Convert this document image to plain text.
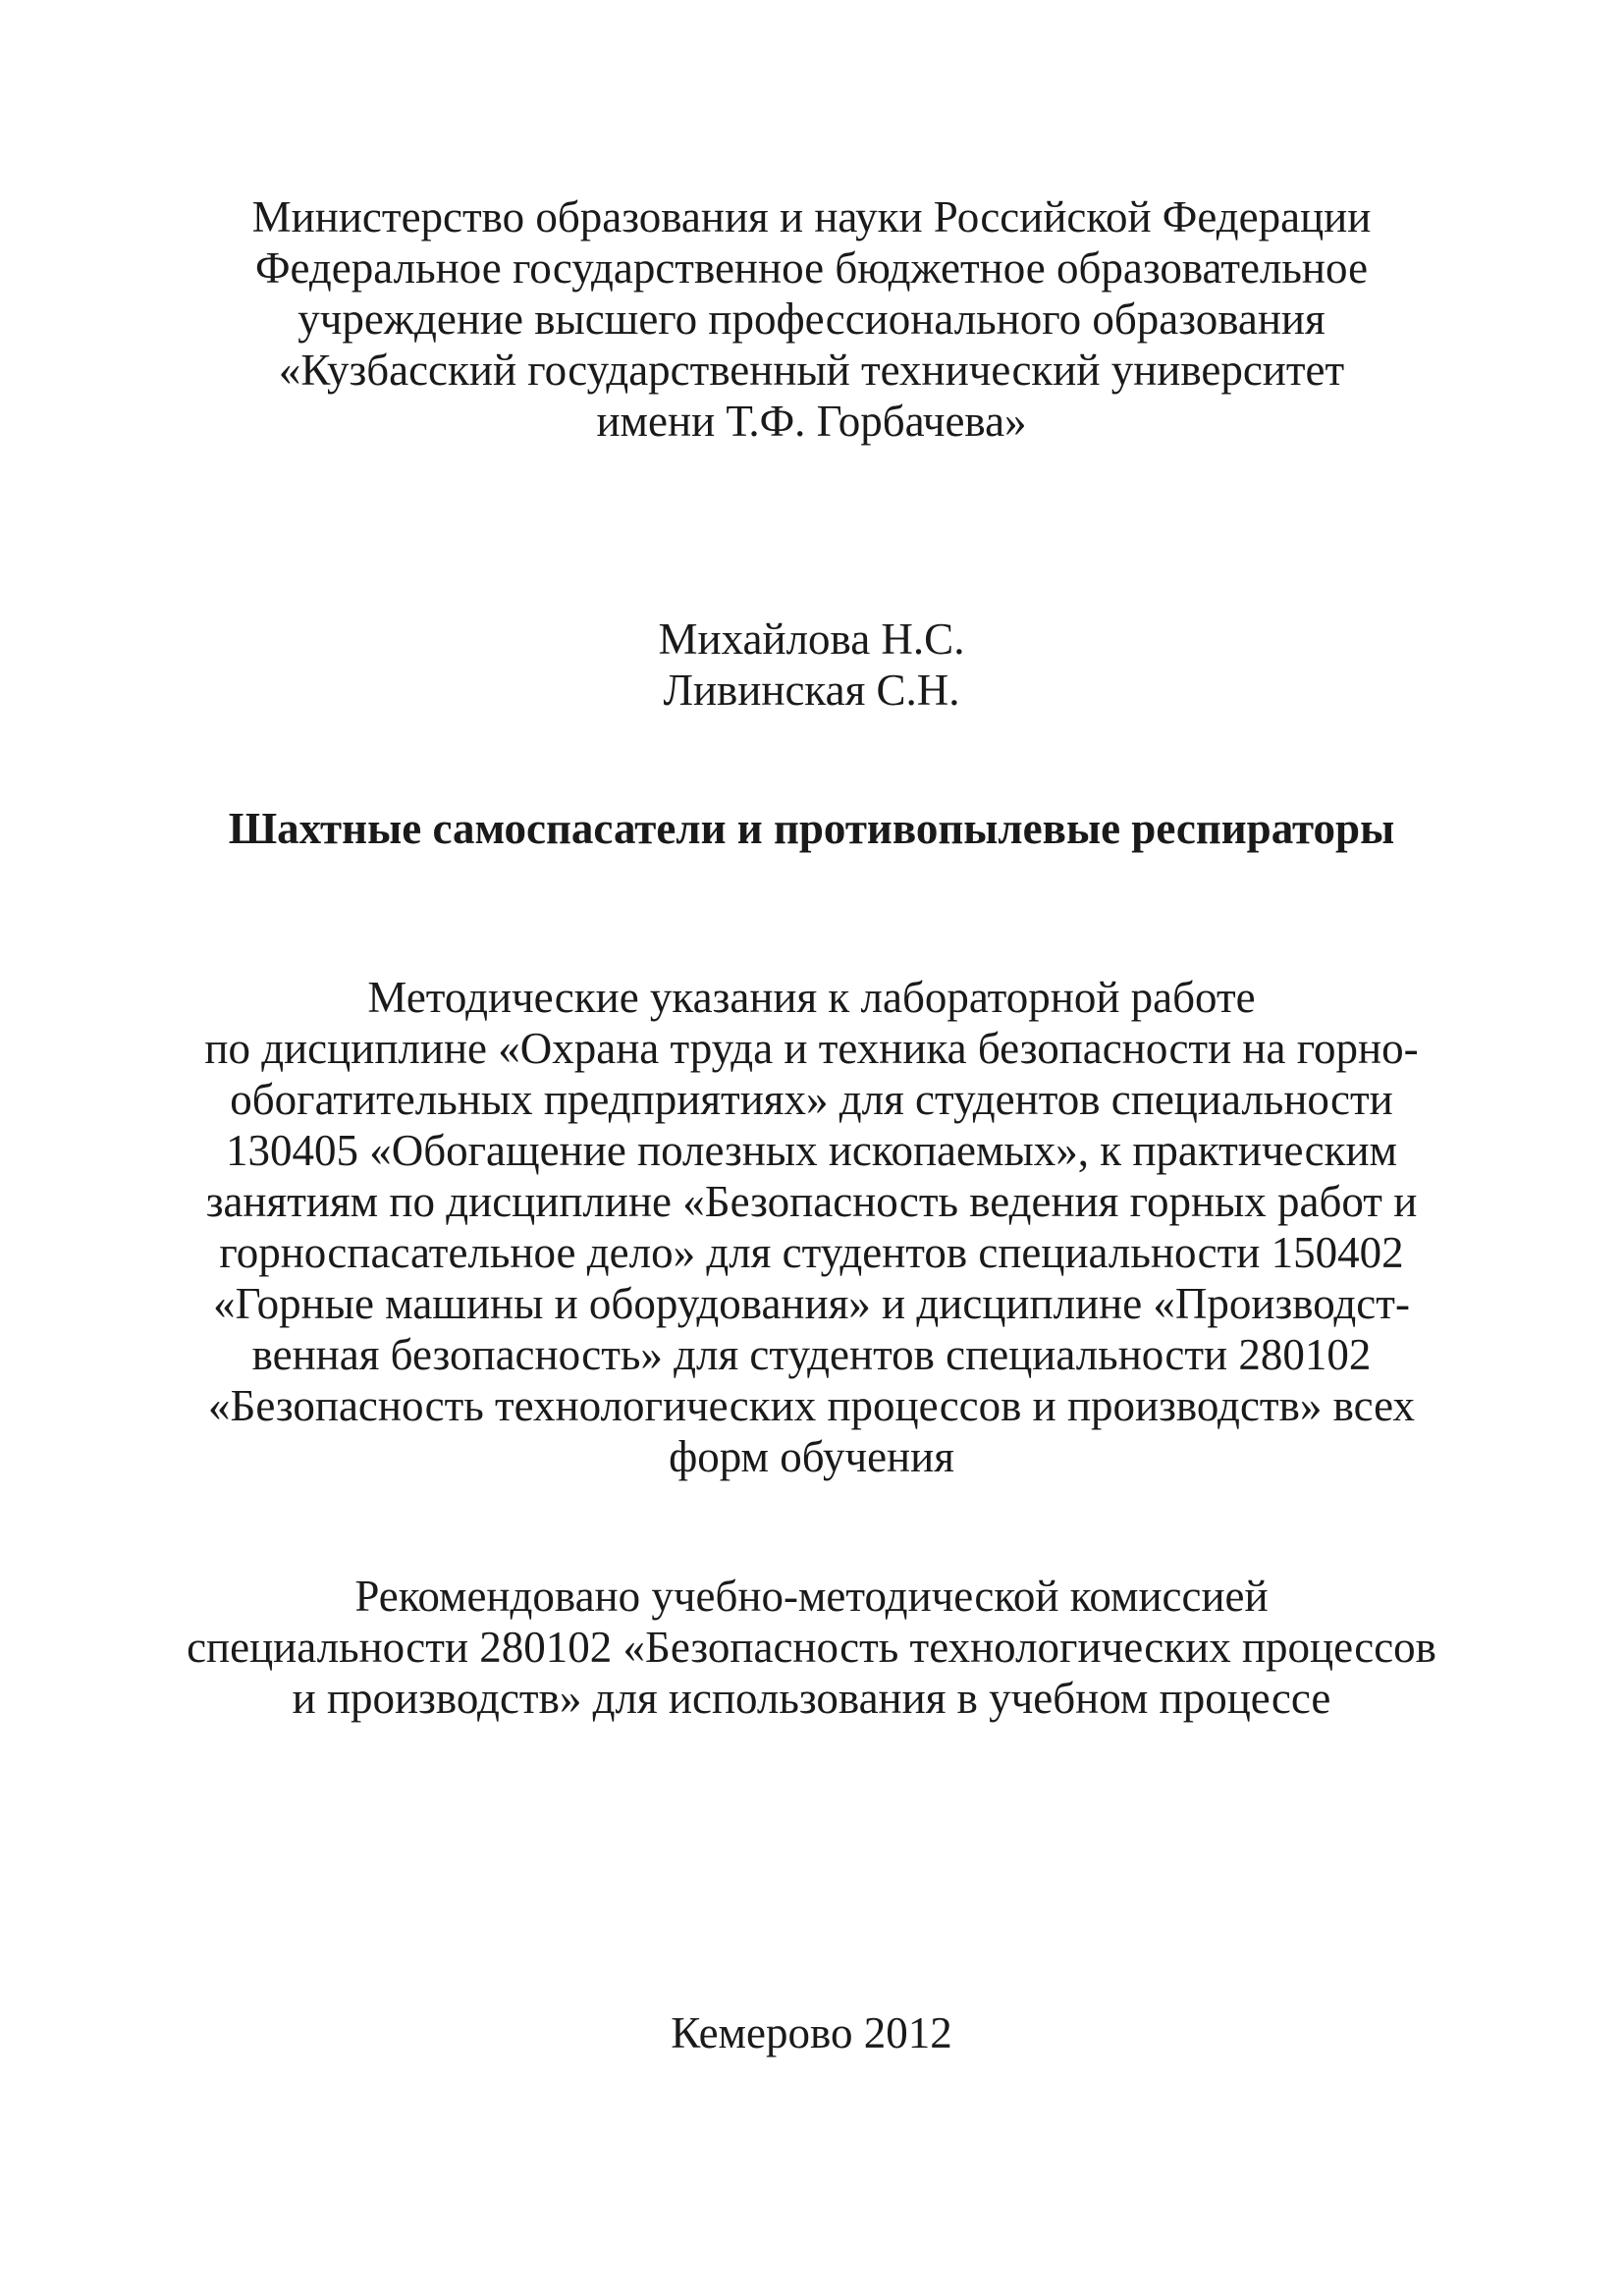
Министерство образования и науки Российской Федерации
Федеральное государственное бюджетное образовательное
учреждение высшего профессионального образования
«Кузбасский государственный технический университет
имени Т.Ф. Горбачева»
Михайлова Н.С.
Ливинская С.Н.
Шахтные самоспасатели и противопылевые респираторы
Методические указания к лабораторной работе
по дисциплине «Охрана труда и техника безопасности на горно-
обогатительных предприятиях» для студентов специальности
130405 «Обогащение полезных ископаемых», к практическим
занятиям по дисциплине «Безопасность ведения горных работ и
горноспасательное дело» для студентов специальности 150402
«Горные машины и оборудования» и дисциплине «Производст-
венная безопасность» для студентов специальности 280102
«Безопасность технологических процессов и производств» всех
форм обучения
Рекомендовано учебно-методической комиссией
специальности 280102 «Безопасность технологических процессов
и производств» для использования в учебном процессе
Кемерово 2012
